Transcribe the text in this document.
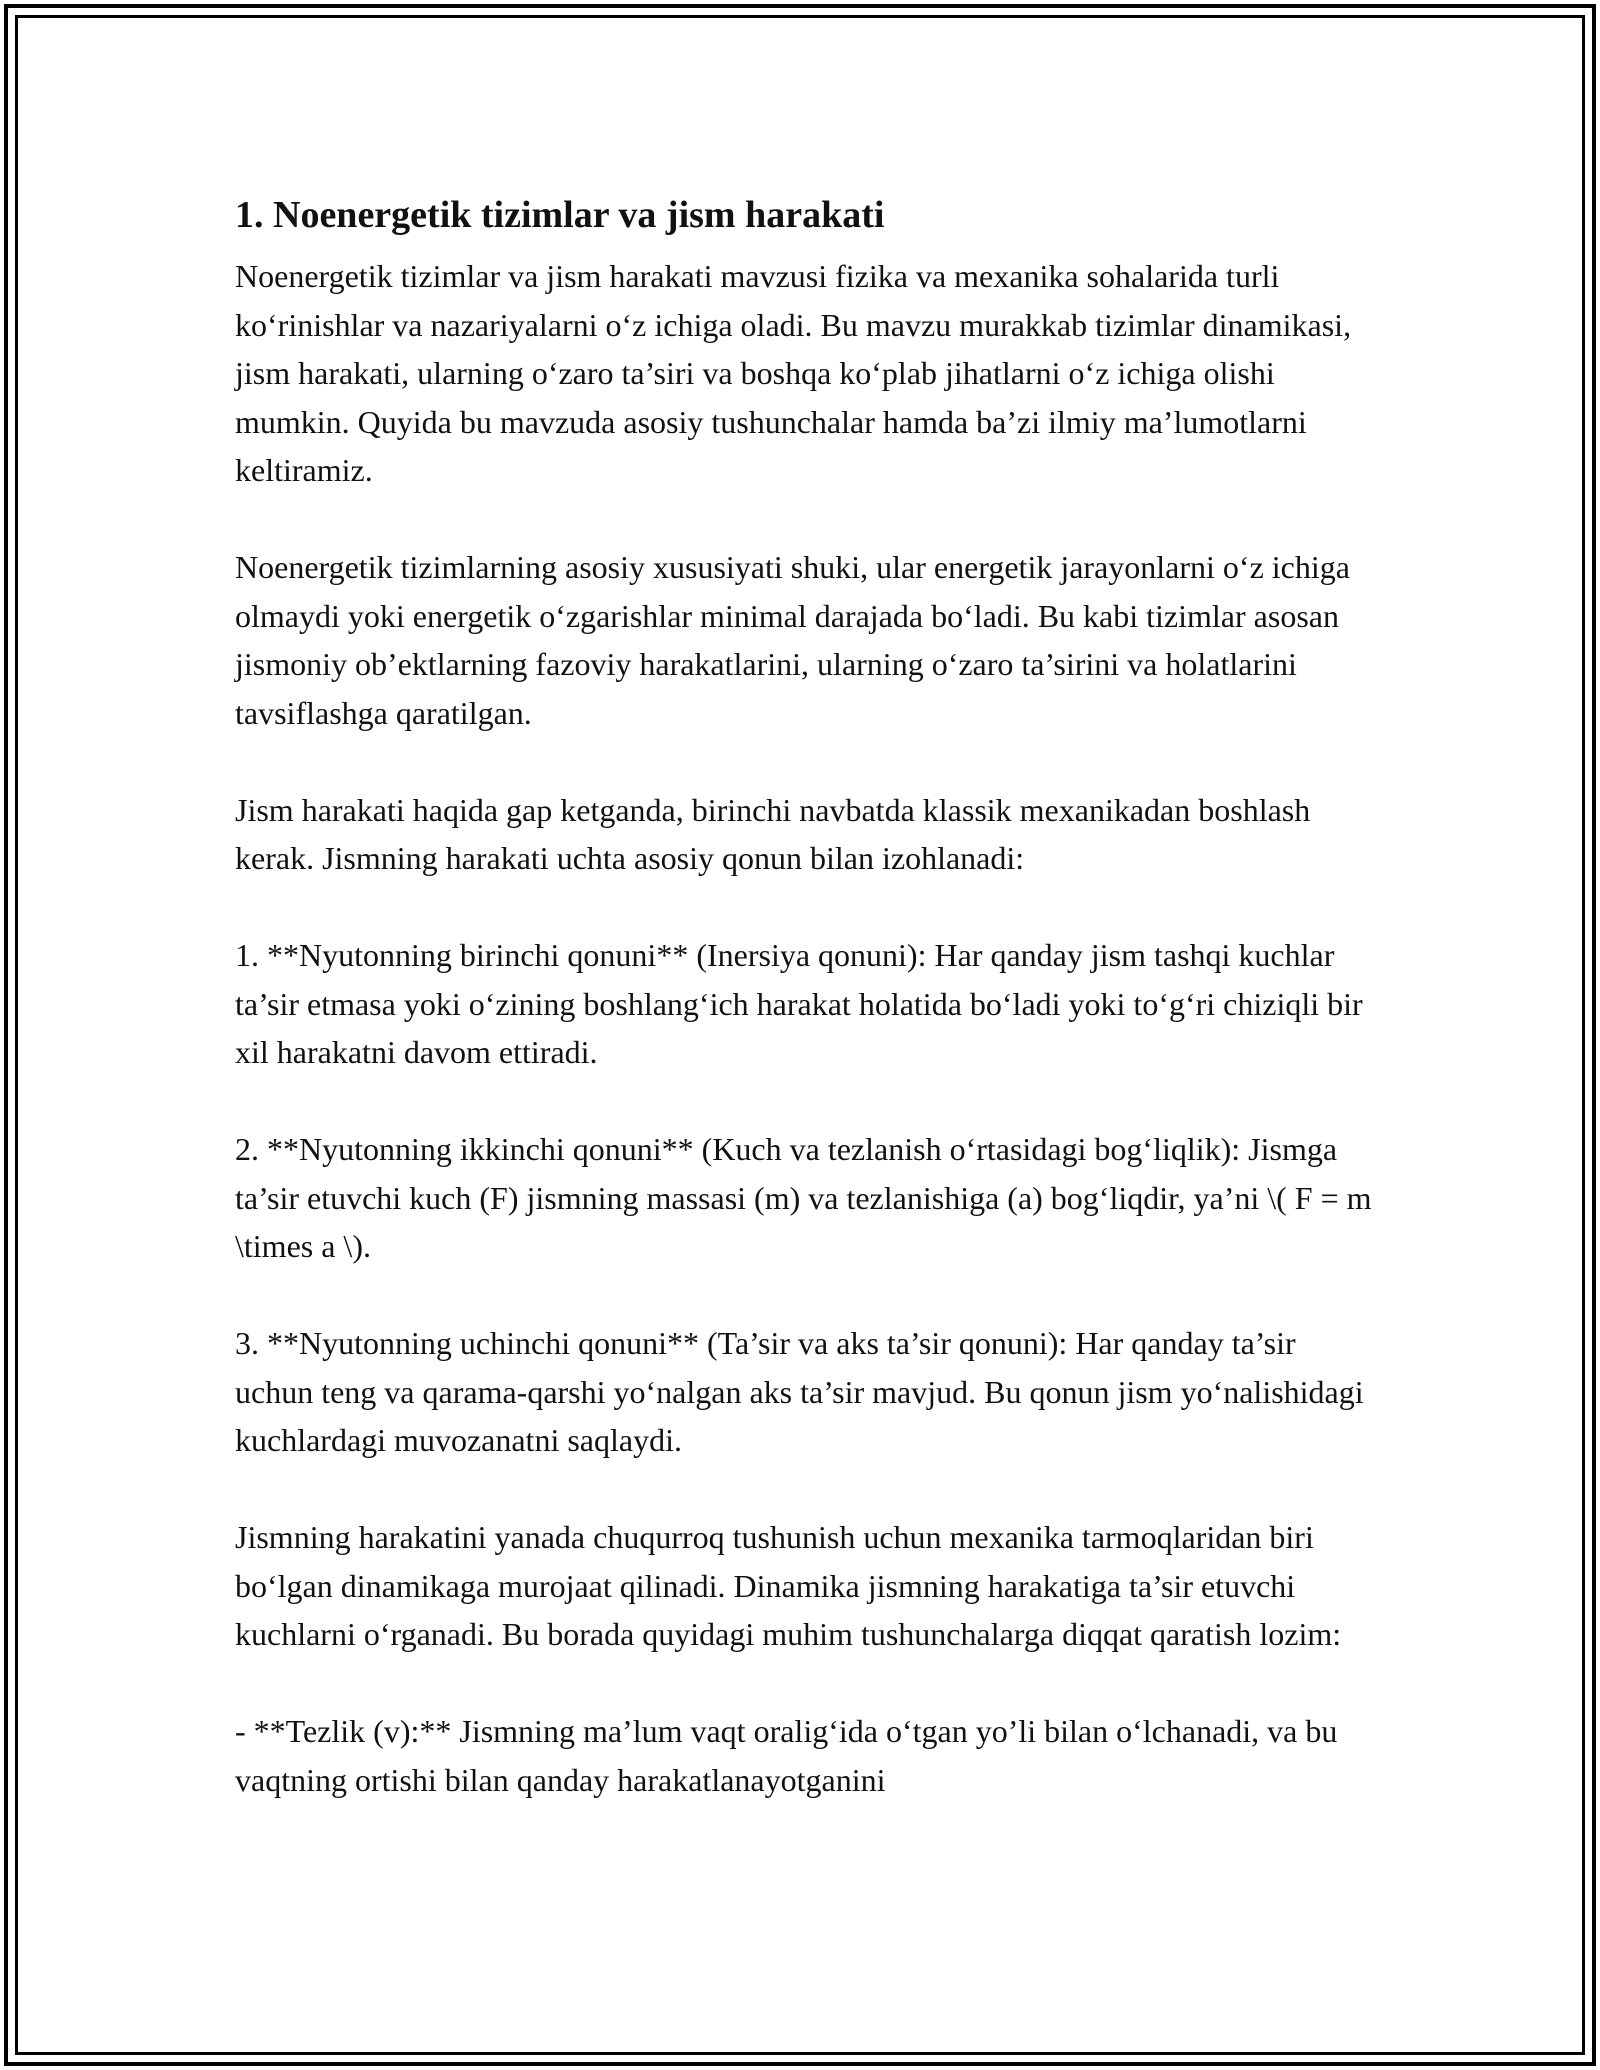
1. Noenergetik tizimlar va jism harakati

Noenergetik tizimlar va jism harakati mavzusi fizika va mexanika sohalarida turli ko‘rinishlar va nazariyalarni o‘z ichiga oladi. Bu mavzu murakkab tizimlar dinamikasi, jism harakati, ularning o‘zaro ta’siri va boshqa ko‘plab jihatlarni o‘z ichiga olishi mumkin. Quyida bu mavzuda asosiy tushunchalar hamda ba’zi ilmiy ma’lumotlarni keltiramiz.

Noenergetik tizimlarning asosiy xususiyati shuki, ular energetik jarayonlarni o‘z ichiga olmaydi yoki energetik o‘zgarishlar minimal darajada bo‘ladi. Bu kabi tizimlar asosan jismoniy ob’ektlarning fazoviy harakatlarini, ularning o‘zaro ta’sirini va holatlarini tavsiflashga qaratilgan.

Jism harakati haqida gap ketganda, birinchi navbatda klassik mexanikadan boshlash kerak. Jismning harakati uchta asosiy qonun bilan izohlanadi:

1. **Nyutonning birinchi qonuni** (Inersiya qonuni): Har qanday jism tashqi kuchlar ta’sir etmasa yoki o‘zining boshlang‘ich harakat holatida bo‘ladi yoki to‘g‘ri chiziqli bir xil harakatni davom ettiradi.

2. **Nyutonning ikkinchi qonuni** (Kuch va tezlanish o‘rtasidagi bog‘liqlik): Jismga ta’sir etuvchi kuch (F) jismning massasi (m) va tezlanishiga (a) bog‘liqdir, ya’ni \( F = m \times a \).

3. **Nyutonning uchinchi qonuni** (Ta’sir va aks ta’sir qonuni): Har qanday ta’sir uchun teng va qarama-qarshi yo‘nalgan aks ta’sir mavjud. Bu qonun jism yo‘nalishidagi kuchlardagi muvozanatni saqlaydi.

Jismning harakatini yanada chuqurroq tushunish uchun mexanika tarmoqlaridan biri bo‘lgan dinamikaga murojaat qilinadi. Dinamika jismning harakatiga ta’sir etuvchi kuchlarni o‘rganadi. Bu borada quyidagi muhim tushunchalarga diqqat qaratish lozim:

- **Tezlik (v):** Jismning ma’lum vaqt oralig‘ida o‘tgan yo’li bilan o‘lchanadi, va bu vaqtning ortishi bilan qanday harakatlanayotganini
